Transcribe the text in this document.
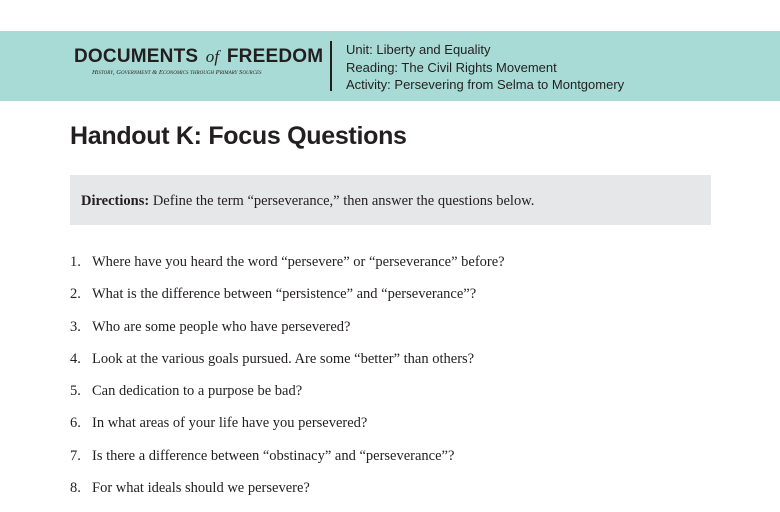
DOCUMENTS of FREEDOM
History, Government & Economics through Primary Sources
Unit: Liberty and Equality
Reading: The Civil Rights Movement
Activity: Persevering from Selma to Montgomery
Handout K: Focus Questions
Directions: Define the term “perseverance,” then answer the questions below.
1. Where have you heard the word “persevere” or “perseverance” before?
2. What is the difference between “persistence” and “perseverance”?
3. Who are some people who have persevered?
4. Look at the various goals pursued. Are some “better” than others?
5. Can dedication to a purpose be bad?
6. In what areas of your life have you persevered?
7. Is there a difference between “obstinacy” and “perseverance”?
8. For what ideals should we persevere?
